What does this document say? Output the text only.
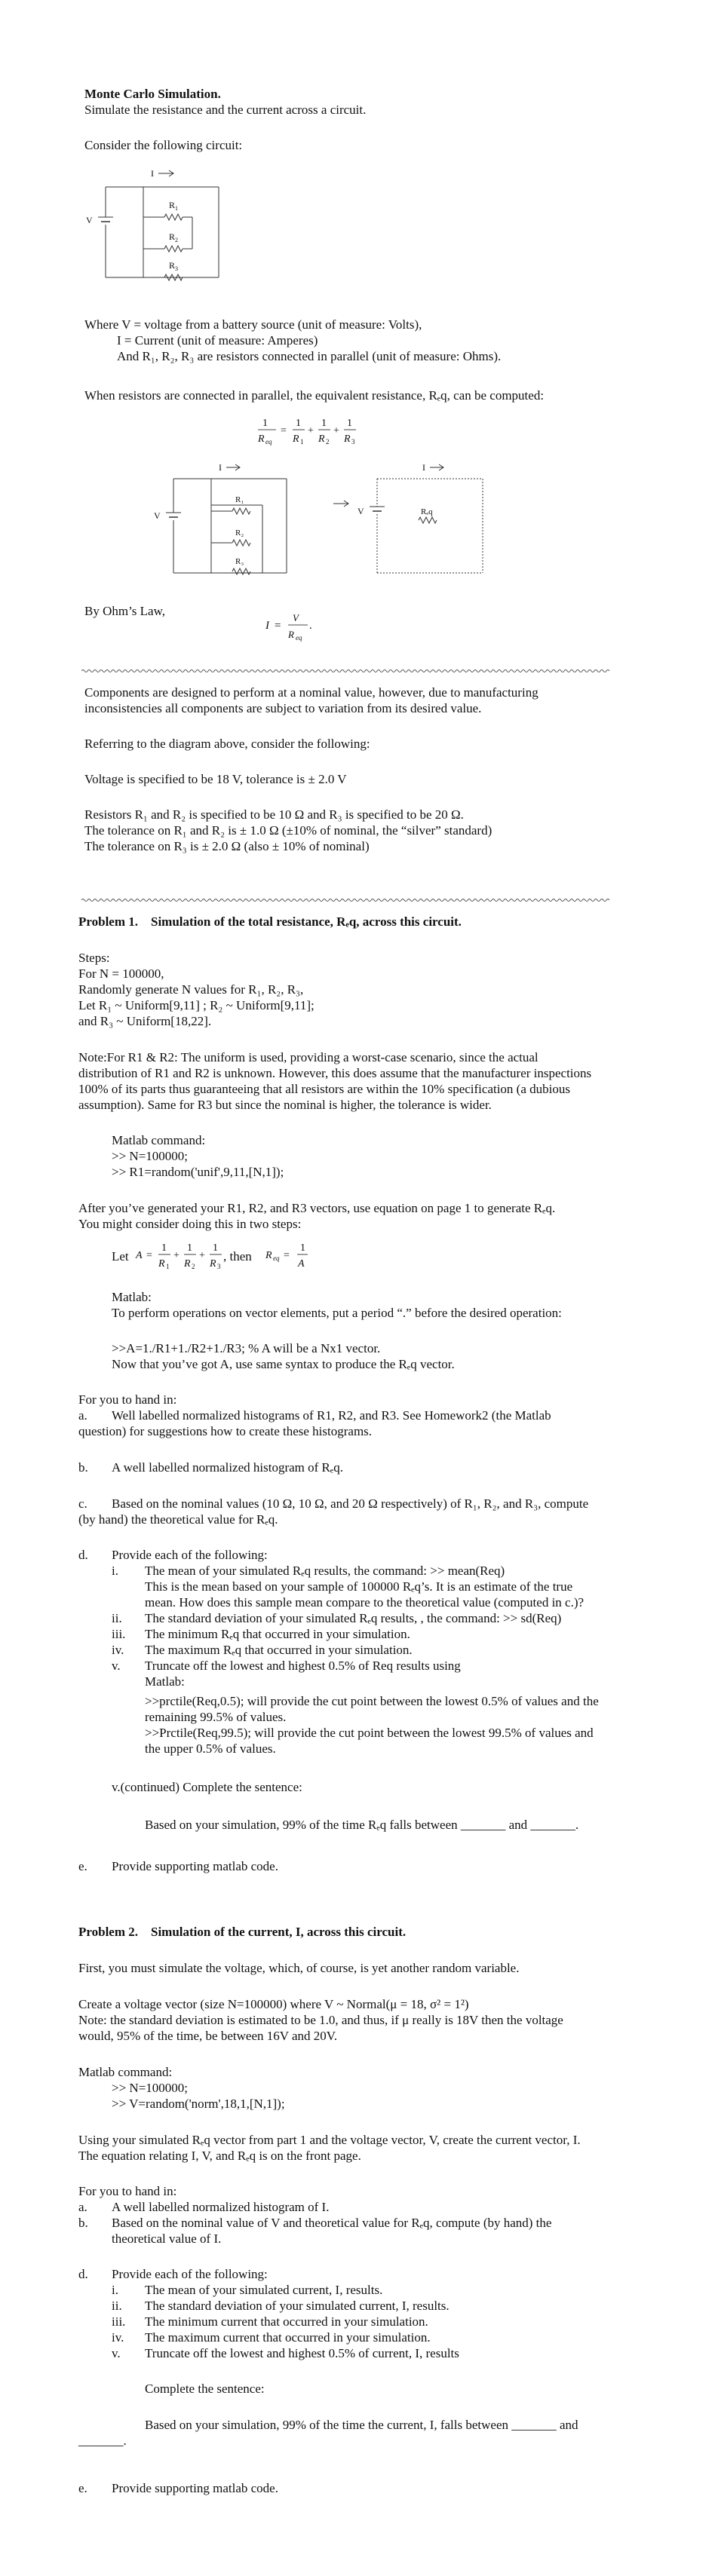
Monte Carlo Simulation.
Simulate the resistance and the current across a circuit.
Consider the following circuit:
I
V
$R_1$
$R_2$
$R_3$
Where V = voltage from a battery source (unit of measure: Volts),
I = Current (unit of measure: Amperes)
And R₁, R₂, R₃ are resistors connected in parallel (unit of measure: Ohms).
When resistors are connected in parallel, the equivalent resistance, Rₑq, can be computed:
1
R eq
=
1
R 1
+
1
R 2
+
1
R 3
I
V
R₁
R₂
R₃
I
V	Rₑq
By Ohm’s Law,
I =
V
R eq
.
Components are designed to perform at a nominal value, however, due to manufacturing
inconsistencies all components are subject to variation from its desired value.
Referring to the diagram above, consider the following:
Voltage is specified to be 18 V, tolerance is ± 2.0 V
Resistors R₁ and R₂ is specified to be 10 Ω and R₃ is specified to be 20 Ω.
The tolerance on R₁ and R₂ is ± 1.0 Ω (±10% of nominal, the “silver” standard)
The tolerance on R₃ is ± 2.0 Ω (also ± 10% of nominal)
Problem 1. Simulation of the total resistance, Rₑq, across this circuit.
Steps:
For N = 100000,
Randomly generate N values for R₁, R₂, R₃,
Let R₁ ~ Uniform[9,11] ; R₂ ~ Uniform[9,11];
and R₃ ~ Uniform[18,22].
Note:For R1 & R2: The uniform is used, providing a worst-case scenario, since the actual
distribution of R1 and R2 is unknown. However, this does assume that the manufacturer inspections
100% of its parts thus guaranteeing that all resistors are within the 10% specification (a dubious
assumption). Same for R3 but since the nominal is higher, the tolerance is wider.
Matlab command:
>> N=100000;
>> R1=random('unif',9,11,[N,1]);
After you’ve generated your R1, R2, and R3 vectors, use equation on page 1 to generate Rₑq.
You might consider doing this in two steps:
Let A =
1
R 1
+
1
R 2
+
1
R 3
, then R eq =
1
A
Matlab:
To perform operations on vector elements, put a period “.” before the desired operation:
>>A=1./R1+1./R2+1./R3; % A will be a Nx1 vector.
Now that you’ve got A, use same syntax to produce the Rₑq vector.
For you to hand in:
a. Well labelled normalized histograms of R1, R2, and R3. See Homework2 (the Matlab
question) for suggestions how to create these histograms.
b. A well labelled normalized histogram of Rₑq.
c. Based on the nominal values (10 Ω, 10 Ω, and 20 Ω respectively) of R₁, R₂, and R₃, compute
(by hand) the theoretical value for Rₑq.
d. Provide each of the following:
i. The mean of your simulated Rₑq results, the command: >> mean(Req)
This is the mean based on your sample of 100000 Rₑq’s. It is an estimate of the true
mean. How does this sample mean compare to the theoretical value (computed in c.)?
ii. The standard deviation of your simulated Rₑq results, , the command: >> sd(Req)
iii. The minimum Rₑq that occurred in your simulation.
iv. The maximum Rₑq that occurred in your simulation.
v. Truncate off the lowest and highest 0.5% of Req results using
Matlab:
>>prctile(Req,0.5); will provide the cut point between the lowest 0.5% of values and the
remaining 99.5% of values.
>>Prctile(Req,99.5); will provide the cut point between the lowest 99.5% of values and
the upper 0.5% of values.
v.(continued) Complete the sentence:
Based on your simulation, 99% of the time Rₑq falls between _______ and _______.
e. Provide supporting matlab code.
Problem 2. Simulation of the current, I, across this circuit.
First, you must simulate the voltage, which, of course, is yet another random variable.
Create a voltage vector (size N=100000) where V ~ Normal(μ = 18, σ² = 1²)
Note: the standard deviation is estimated to be 1.0, and thus, if μ really is 18V then the voltage
would, 95% of the time, be between 16V and 20V.
Matlab command:
>> N=100000;
>> V=random('norm',18,1,[N,1]);
Using your simulated Rₑq vector from part 1 and the voltage vector, V, create the current vector, I.
The equation relating I, V, and Rₑq is on the front page.
For you to hand in:
a. A well labelled normalized histogram of I.
b. Based on the nominal value of V and theoretical value for Rₑq, compute (by hand) the
theoretical value of I.
d. Provide each of the following:
i. The mean of your simulated current, I, results.
ii. The standard deviation of your simulated current, I, results.
iii. The minimum current that occurred in your simulation.
iv. The maximum current that occurred in your simulation.
v. Truncate off the lowest and highest 0.5% of current, I, results
Complete the sentence:
Based on your simulation, 99% of the time the current, I, falls between _______ and
_______.
e. Provide supporting matlab code.
